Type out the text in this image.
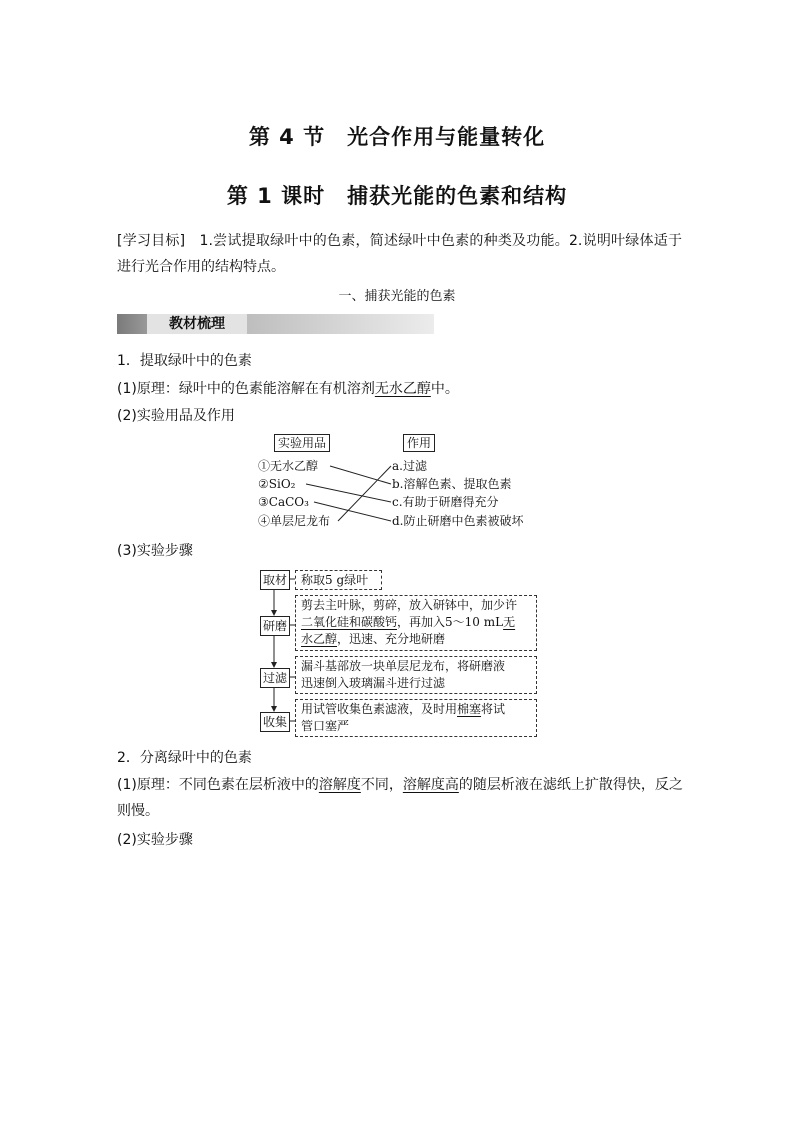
第 4 节　光合作用与能量转化
第 1 课时　捕获光能的色素和结构
[学习目标]　1.尝试提取绿叶中的色素，简述绿叶中色素的种类及功能。2.说明叶绿体适于进行光合作用的结构特点。
一、捕获光能的色素
教材梳理
1．提取绿叶中的色素
(1)原理：绿叶中的色素能溶解在有机溶剂无水乙醇中。
(2)实验用品及作用
实验用品	作用
①无水乙醇
②SiO₂
③CaCO₃
④单层尼龙布
a.过滤
b.溶解色素、提取色素
c.有助于研磨得充分
d.防止研磨中色素被破坏
(3)实验步骤
取材	称取5 g绿叶
研磨
剪去主叶脉，剪碎，放入研钵中，加少许
二氧化硅和碳酸钙，再加入5～10 mL无
水乙醇，迅速、充分地研磨
过滤
漏斗基部放一块单层尼龙布，将研磨液
迅速倒入玻璃漏斗进行过滤
收集
用试管收集色素滤液，及时用棉塞将试
管口塞严
2．分离绿叶中的色素
(1)原理：不同色素在层析液中的溶解度不同，溶解度高的随层析液在滤纸上扩散得快，反之
则慢。
(2)实验步骤
